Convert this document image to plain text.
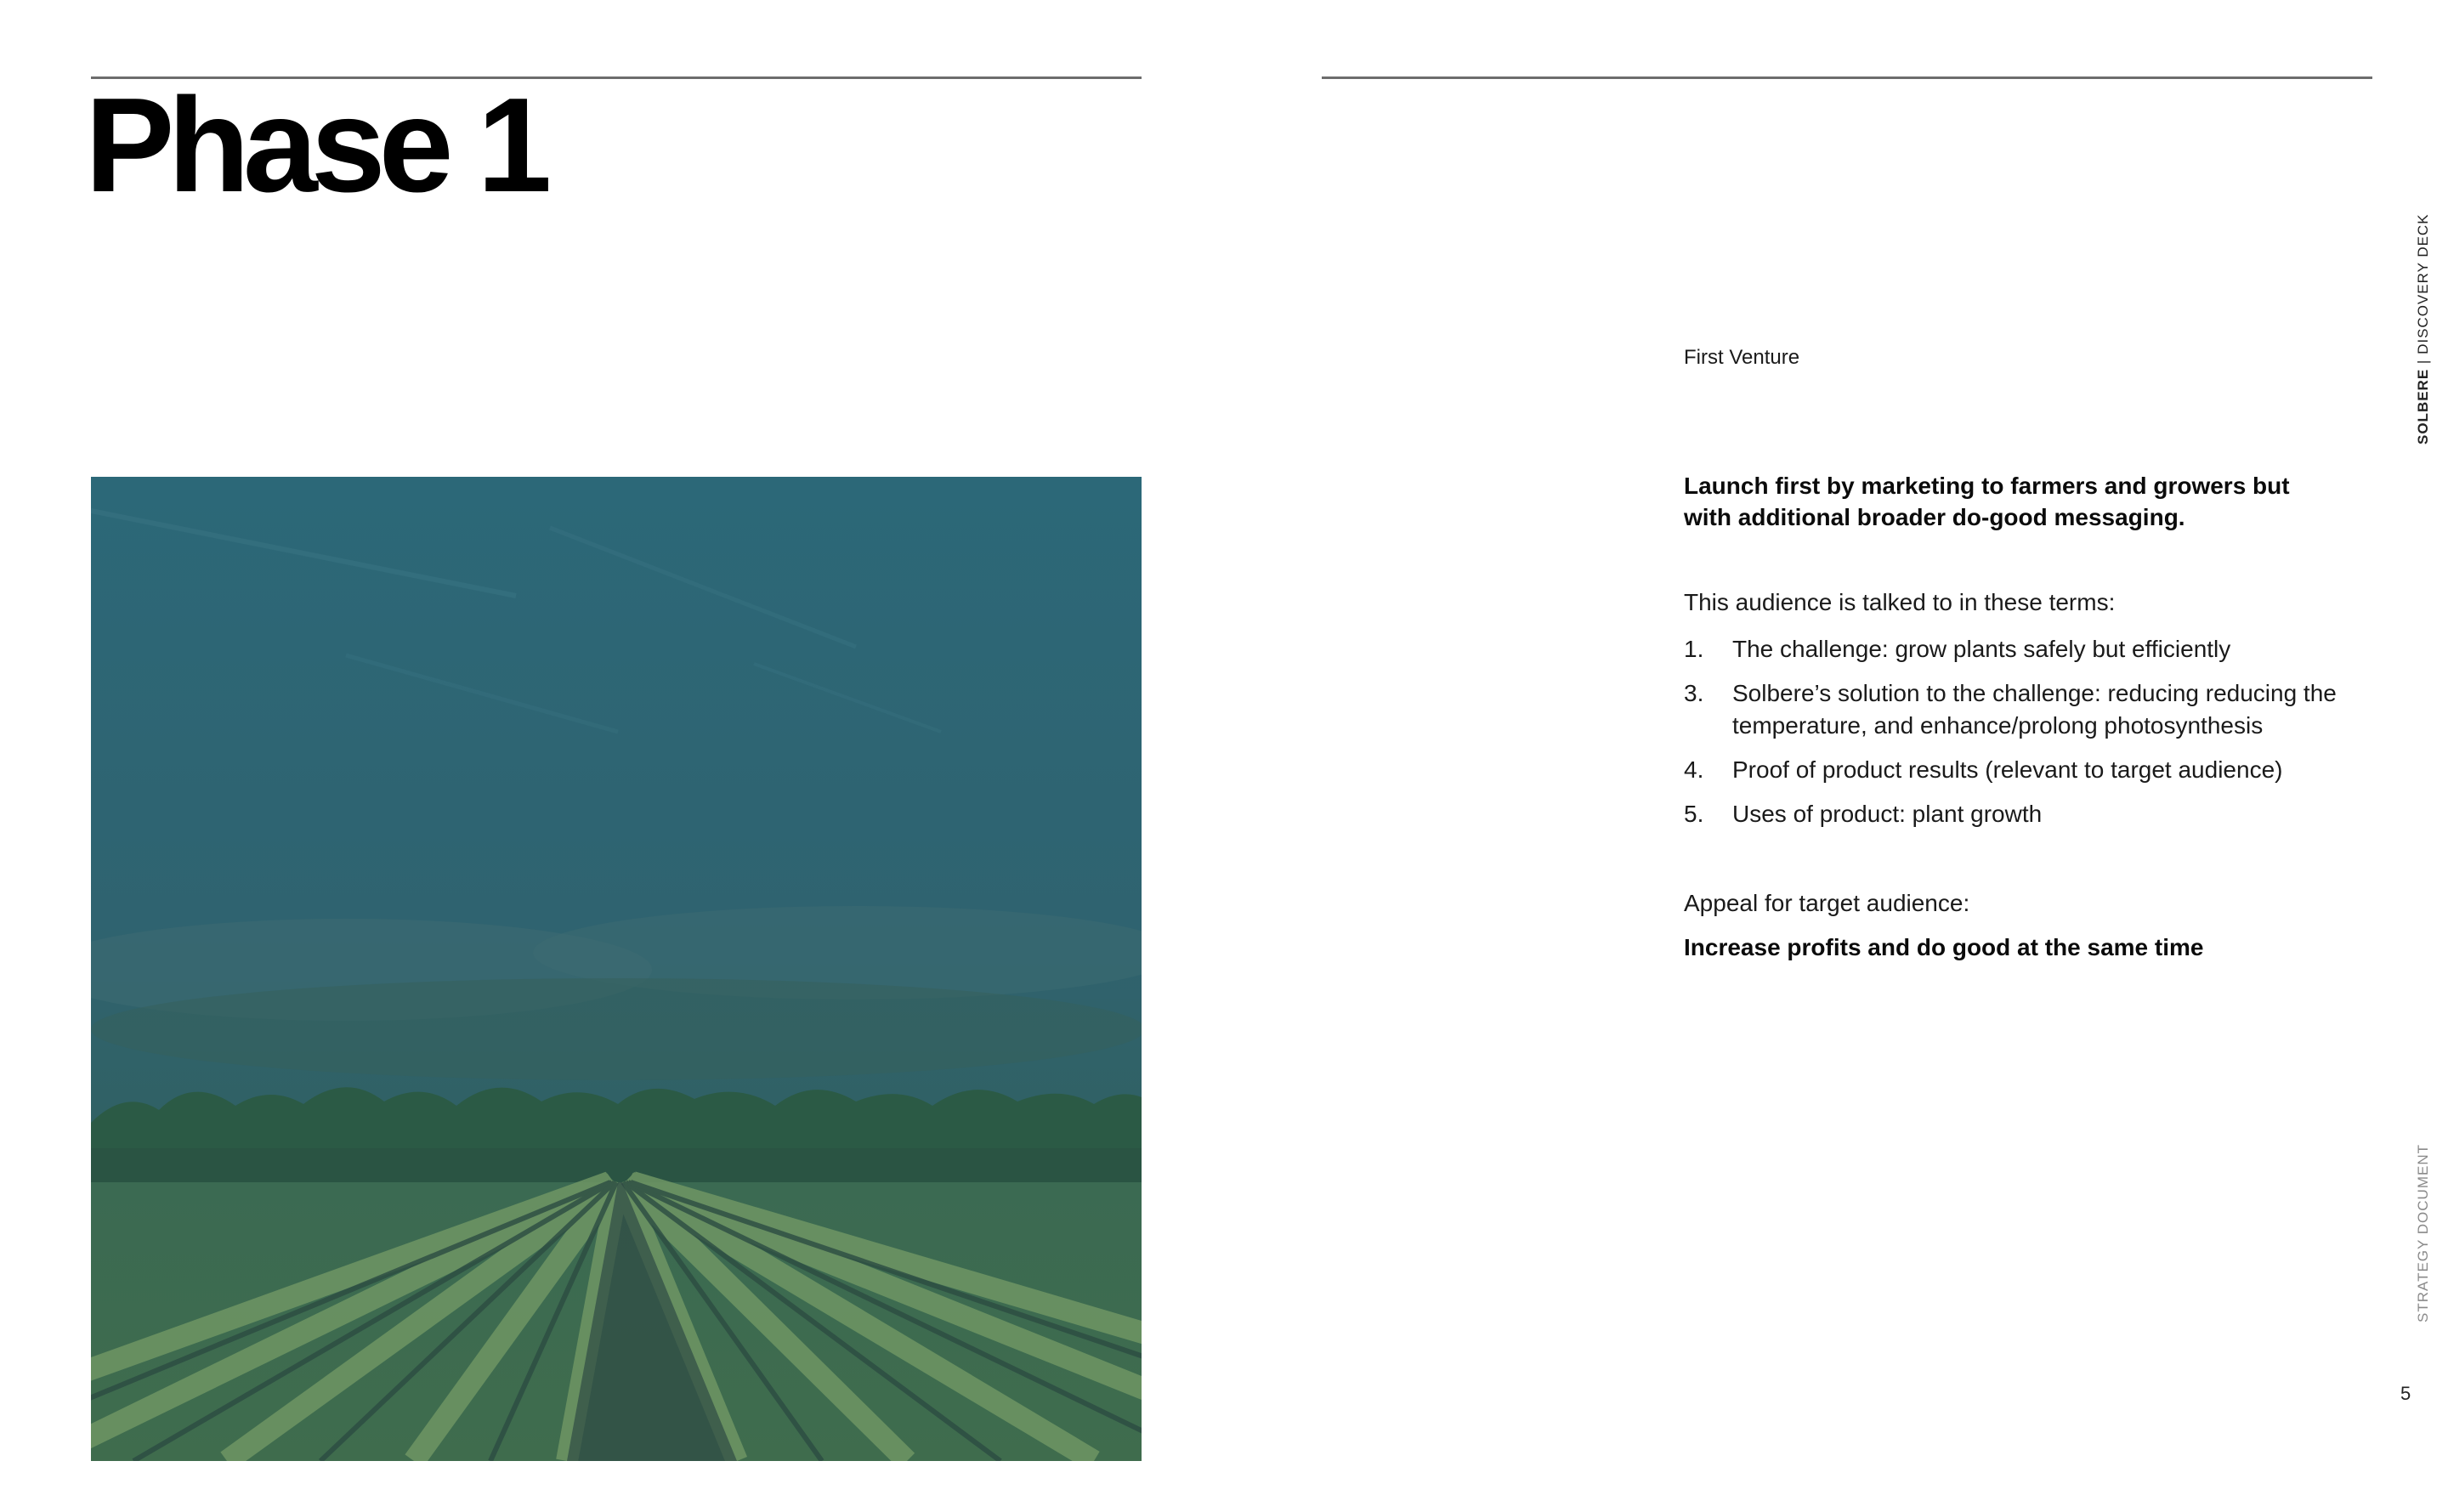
Phase 1
First Venture
Launch first by marketing to farmers and growers but with additional broader do-good messaging.
This audience is talked to in these terms:
1.	The challenge: grow plants safely but efficiently
3.	Solbere’s solution to the challenge: reducing reducing the temperature, and enhance/prolong photosynthesis
4.	Proof of product results (relevant to target audience)
5.	Uses of product: plant growth
Appeal for target audience:
Increase profits and do good at the same time
SOLBERE | DISCOVERY DECK
STRATEGY DOCUMENT
5
